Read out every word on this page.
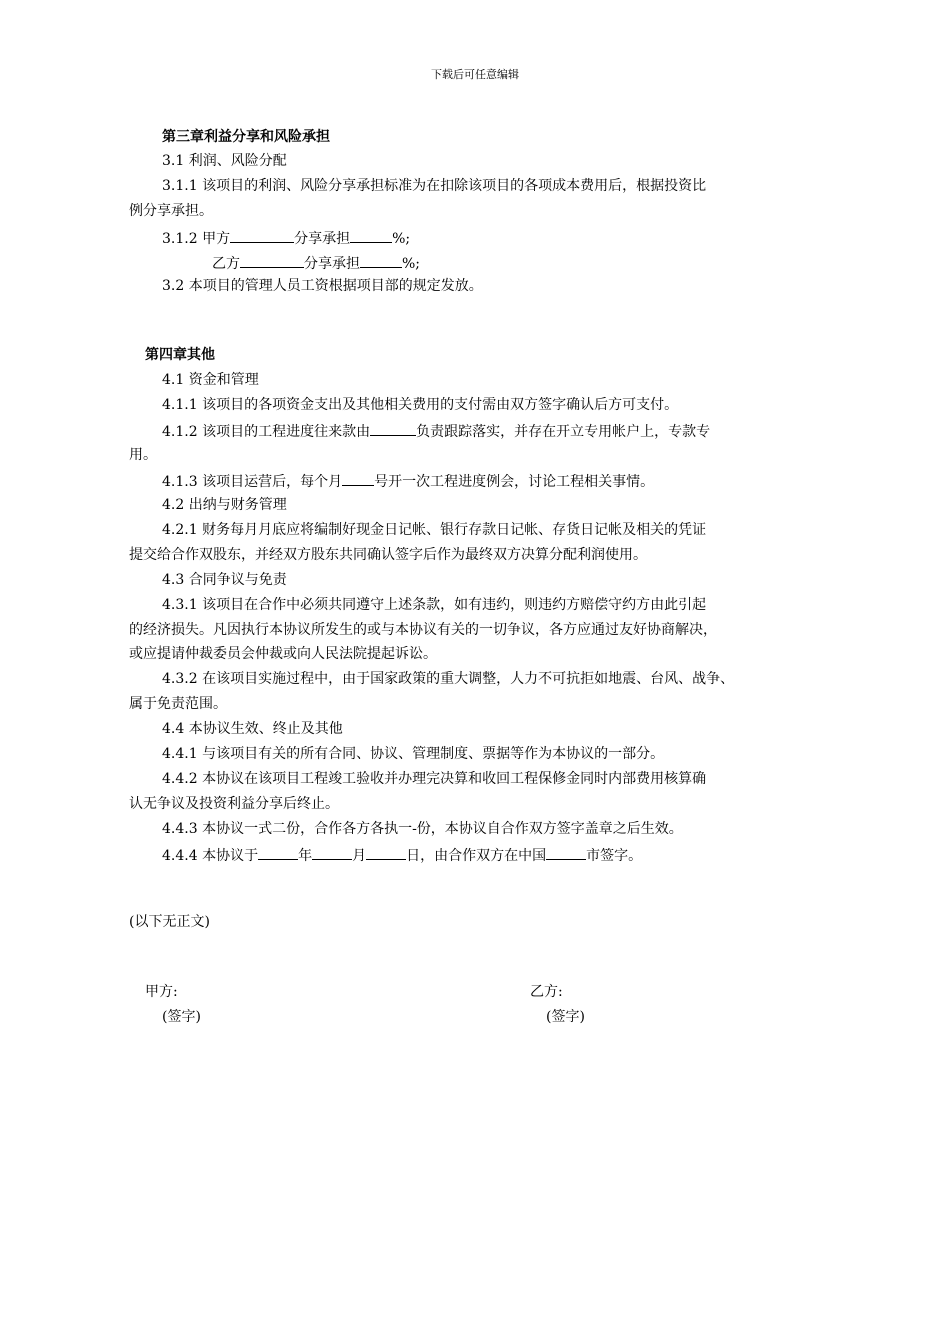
下载后可任意编辑
第三章利益分享和风险承担
3.1 利润、风险分配
3.1.1 该项目的利润、风险分享承担标准为在扣除该项目的各项成本费用后，根据投资比
例分享承担。
3.1.2 甲方	分享承担	%;
乙方	分享承担	%;
3.2 本项目的管理人员工资根据项目部的规定发放。
第四章其他
4.1 资金和管理
4.1.1 该项目的各项资金支出及其他相关费用的支付需由双方签字确认后方可支付。
4.1.2 该项目的工程进度往来款由	负责跟踪落实，并存在开立专用帐户上，专款专
用。
4.1.3 该项目运营后，每个月 号开一次工程进度例会，讨论工程相关事情。
4.2 出纳与财务管理
4.2.1 财务每月月底应将编制好现金日记帐、银行存款日记帐、存货日记帐及相关的凭证
提交给合作双股东，并经双方股东共同确认签字后作为最终双方决算分配利润使用。
4.3 合同争议与免责
4.3.1 该项目在合作中必须共同遵守上述条款，如有违约，则违约方赔偿守约方由此引起
的经济损失。凡因执行本协议所发生的或与本协议有关的一切争议，各方应通过友好协商解决，
或应提请仲裁委员会仲裁或向人民法院提起诉讼。
4.3.2 在该项目实施过程中，由于国家政策的重大调整，人力不可抗拒如地震、台风、战争、
属于免责范围。
4.4 本协议生效、终止及其他
4.4.1 与该项目有关的所有合同、协议、管理制度、票据等作为本协议的一部分。
4.4.2 本协议在该项目工程竣工验收并办理完决算和收回工程保修金同时内部费用核算确
认无争议及投资利益分享后终止。
4.4.3 本协议一式二份，合作各方各执一-份，本协议自合作双方签字盖章之后生效。
4.4.4 本协议于	年	月	日，由合作双方在中国	市签字。
(以下无正文)
甲方:
(签字)
乙方:
(签字)
